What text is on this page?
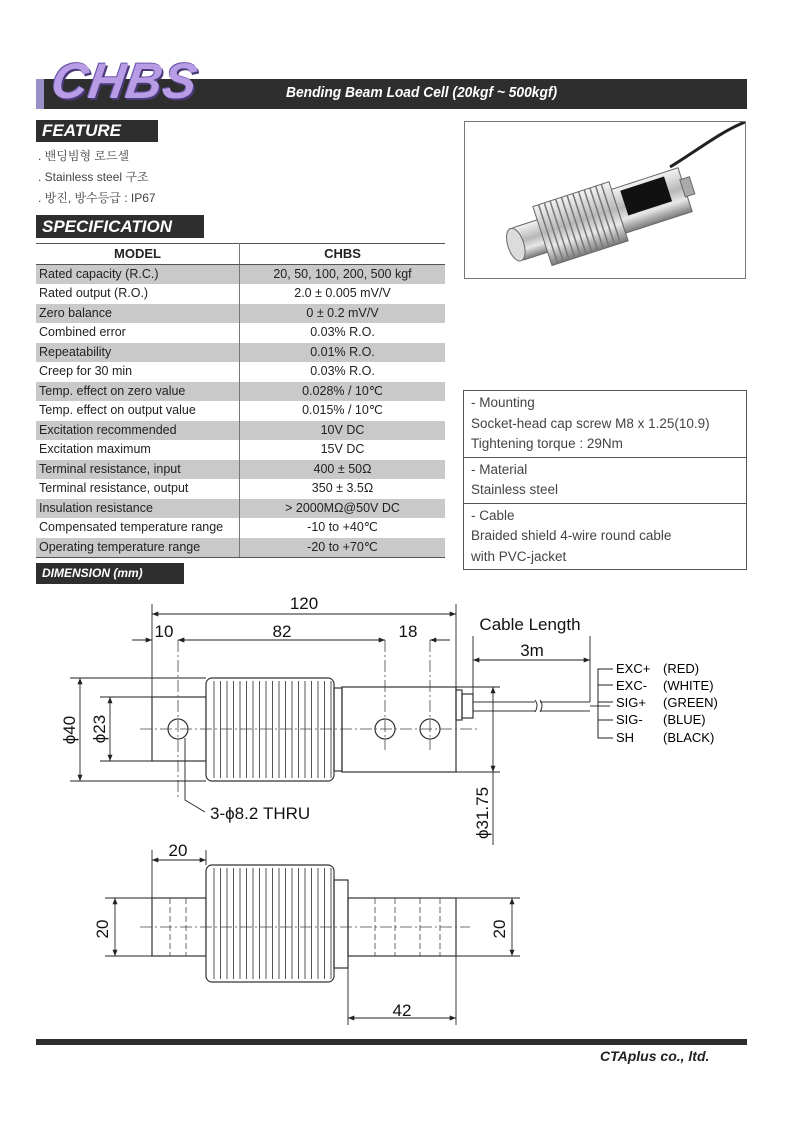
CHBS	Bending Beam Load Cell (20kgf ~ 500kgf)
FEATURE
. 밴딩빔형 로드셀
. Stainless steel 구조
. 방진, 방수등급 : IP67
SPECIFICATION
MODEL	CHBS
Rated capacity (R.C.)	20, 50, 100, 200, 500 kgf
Rated output (R.O.)	2.0 ± 0.005 mV/V
Zero balance	0 ± 0.2 mV/V
Combined error	0.03% R.O.
Repeatability	0.01% R.O.
Creep for 30 min	0.03% R.O.
Temp. effect on zero value	0.028% / 10℃
Temp. effect on output value	0.015% / 10℃
Excitation recommended	10V DC
Excitation maximum	15V DC
Terminal resistance, input	400 ± 50Ω
Terminal resistance, output	350 ± 3.5Ω
Insulation resistance	> 2000MΩ@50V DC
Compensated temperature range	-10 to +40℃
Operating temperature range	-20 to +70℃
- Mounting
Socket-head cap screw M8 x 1.25(10.9)
Tightening torque : 29Nm
- Material
Stainless steel
- Cable
Braided shield 4-wire round cable
with PVC-jacket
DIMENSION (mm)
EXC+ (RED)
EXC- (WHITE)
SIG+ (GREEN)
SIG- (BLUE)
SH (BLACK)
120
10	82	18	Cable Length
3m
ϕ40 ϕ23
ϕ31.75
3-ϕ8.2 THRU
20
20	20
42
CTAplus co., ltd.
